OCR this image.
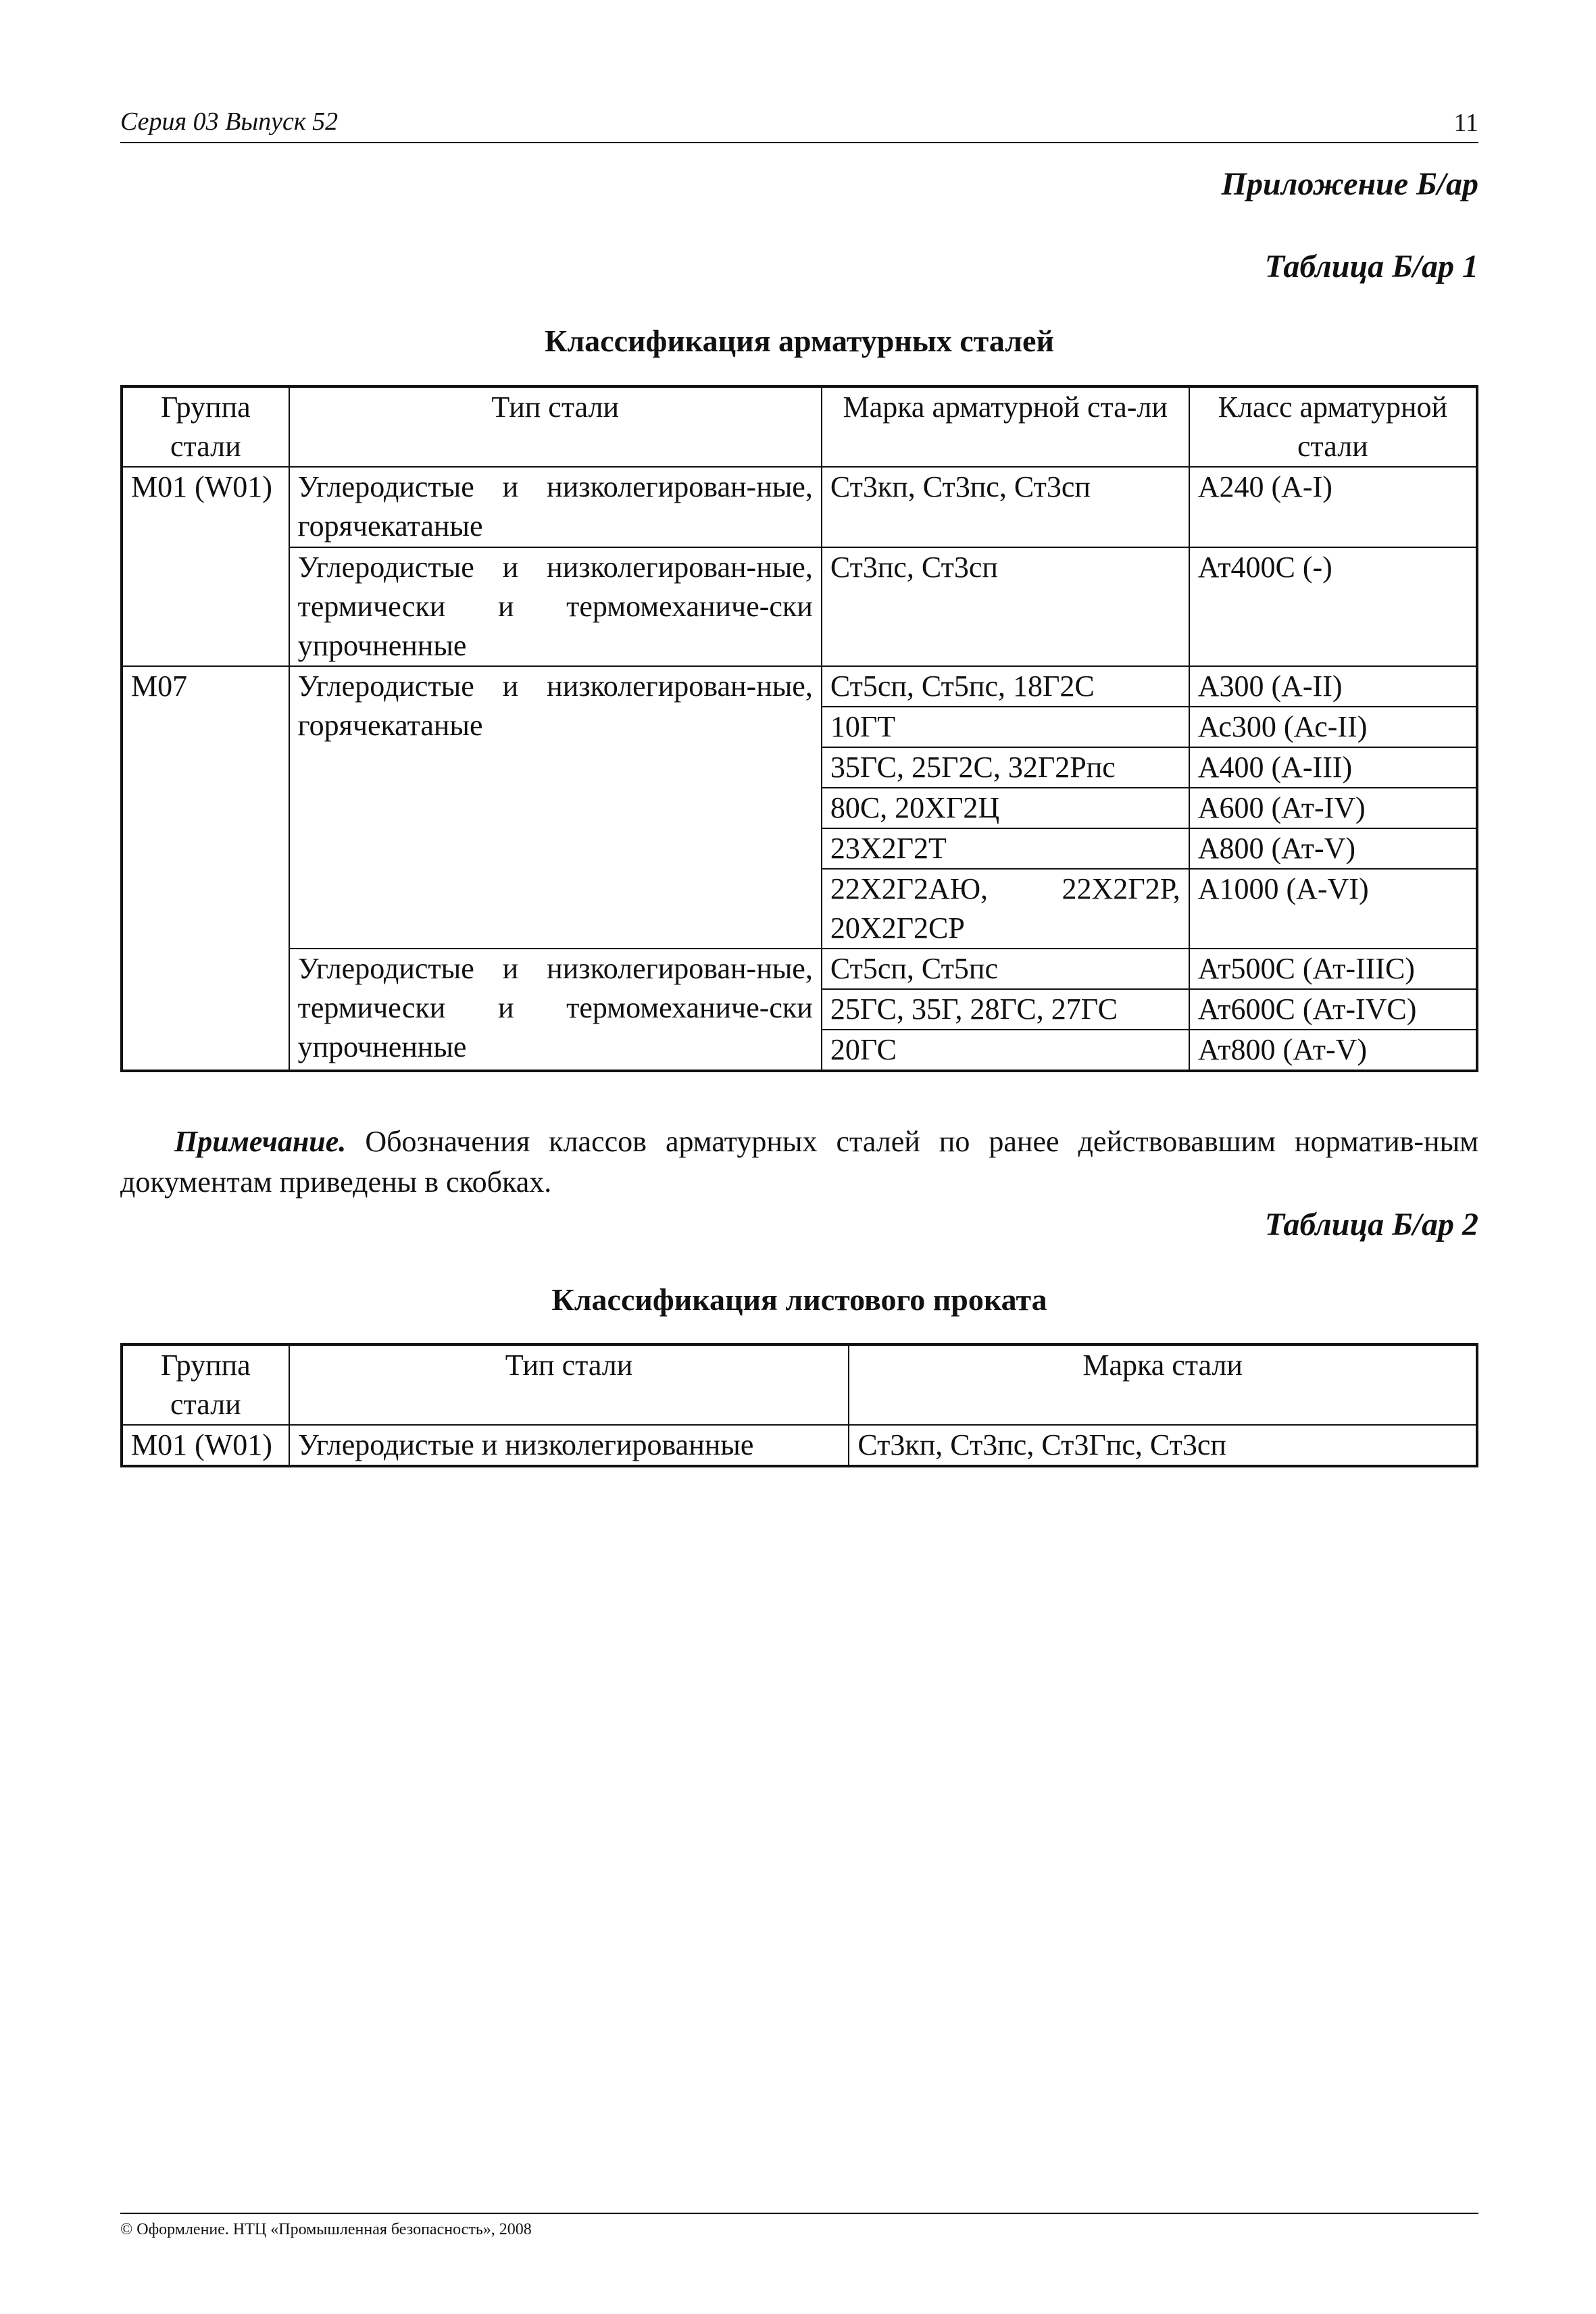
Серия 03 Выпуск 52	11
Приложение Б/ар
Таблица Б/ар 1
Классификация арматурных сталей
Группа стали	Тип стали	Марка арматурной ста-ли	Класс арматурной стали
М01 (W01)	Углеродистые и низколегирован-ные, горячекатаные	Ст3кп, Ст3пс, Ст3сп	А240 (А-I)
	Углеродистые и низколегирован-ные, термически и термомеханиче-ски упрочненные	Ст3пс, Ст3сп	Ат400С (-)
М07	Углеродистые и низколегирован-ные, горячекатаные	Ст5сп, Ст5пс, 18Г2С	А300 (А-II)
		10ГТ	Ас300 (Ас-II)
		35ГС, 25Г2С, 32Г2Рпс	А400 (А-III)
		80С, 20ХГ2Ц	А600 (Ат-IV)
		23Х2Г2Т	А800 (Ат-V)
		22Х2Г2АЮ, 22Х2Г2Р, 20Х2Г2СР	А1000 (А-VI)
	Углеродистые и низколегирован-ные, термически и термомеханиче-ски упрочненные	Ст5сп, Ст5пс	Ат500С (Ат-IIIС)
		25ГС, 35Г, 28ГС, 27ГС	Ат600С (Ат-IVС)
		20ГС	Ат800 (Ат-V)
Примечание. Обозначения классов арматурных сталей по ранее действовавшим норматив-ным документам приведены в скобках.
Таблица Б/ар 2
Классификация листового проката
Группа стали	Тип стали	Марка стали
М01 (W01)	Углеродистые и низколегированные	Ст3кп, Ст3пс, Ст3Гпс, Ст3сп
© Оформление. НТЦ «Промышленная безопасность», 2008
